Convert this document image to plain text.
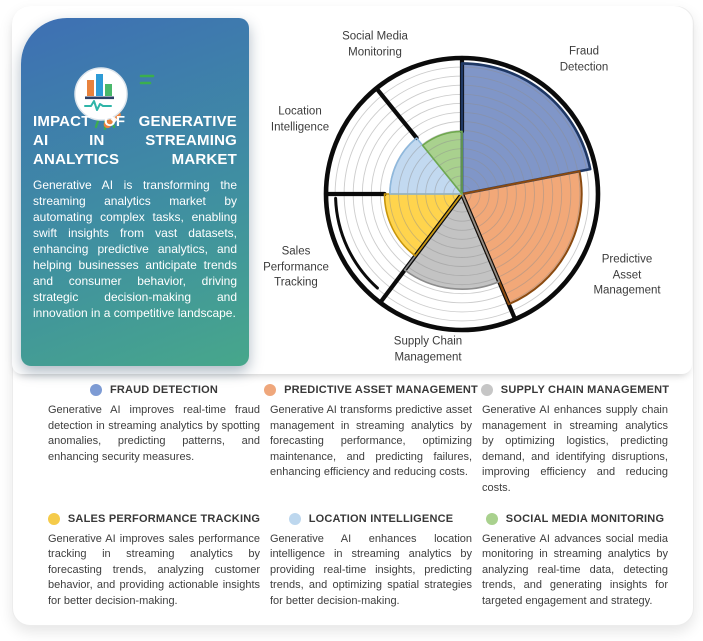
Fraud
Detection
Predictive
Asset
Management
Supply Chain
Management
Sales
Performance
Tracking
Location
Intelligence
Social Media
Monitoring
IMPACT OF GENERATIVE AI IN STREAMING ANALYTICS MARKET
Generative AI is transforming the streaming analytics market by automating complex tasks, enabling swift insights from vast datasets, enhancing predictive analytics, and helping businesses anticipate trends and consumer behavior, driving strategic decision-making and innovation in a competitive landscape.
FRAUD DETECTION

Generative AI improves real-time fraud detection in streaming analytics by spotting anomalies, predicting patterns, and enhancing security measures.

PREDICTIVE ASSET MANAGEMENT

Generative AI transforms predictive asset management in streaming analytics by forecasting performance, optimizing maintenance, and predicting failures, enhancing efficiency and reducing costs.

SUPPLY CHAIN MANAGEMENT

Generative AI enhances supply chain management in streaming analytics by optimizing logistics, predicting demand, and identifying disruptions, improving efficiency and reducing costs.

SALES PERFORMANCE TRACKING

Generative AI improves sales performance tracking in streaming analytics by forecasting trends, analyzing customer behavior, and providing actionable insights for better decision-making.

LOCATION INTELLIGENCE

Generative AI enhances location intelligence in streaming analytics by providing real-time insights, predicting trends, and optimizing spatial strategies for better decision-making.

SOCIAL MEDIA MONITORING

Generative AI advances social media monitoring in streaming analytics by analyzing real-time data, detecting trends, and generating insights for targeted engagement and strategy.
